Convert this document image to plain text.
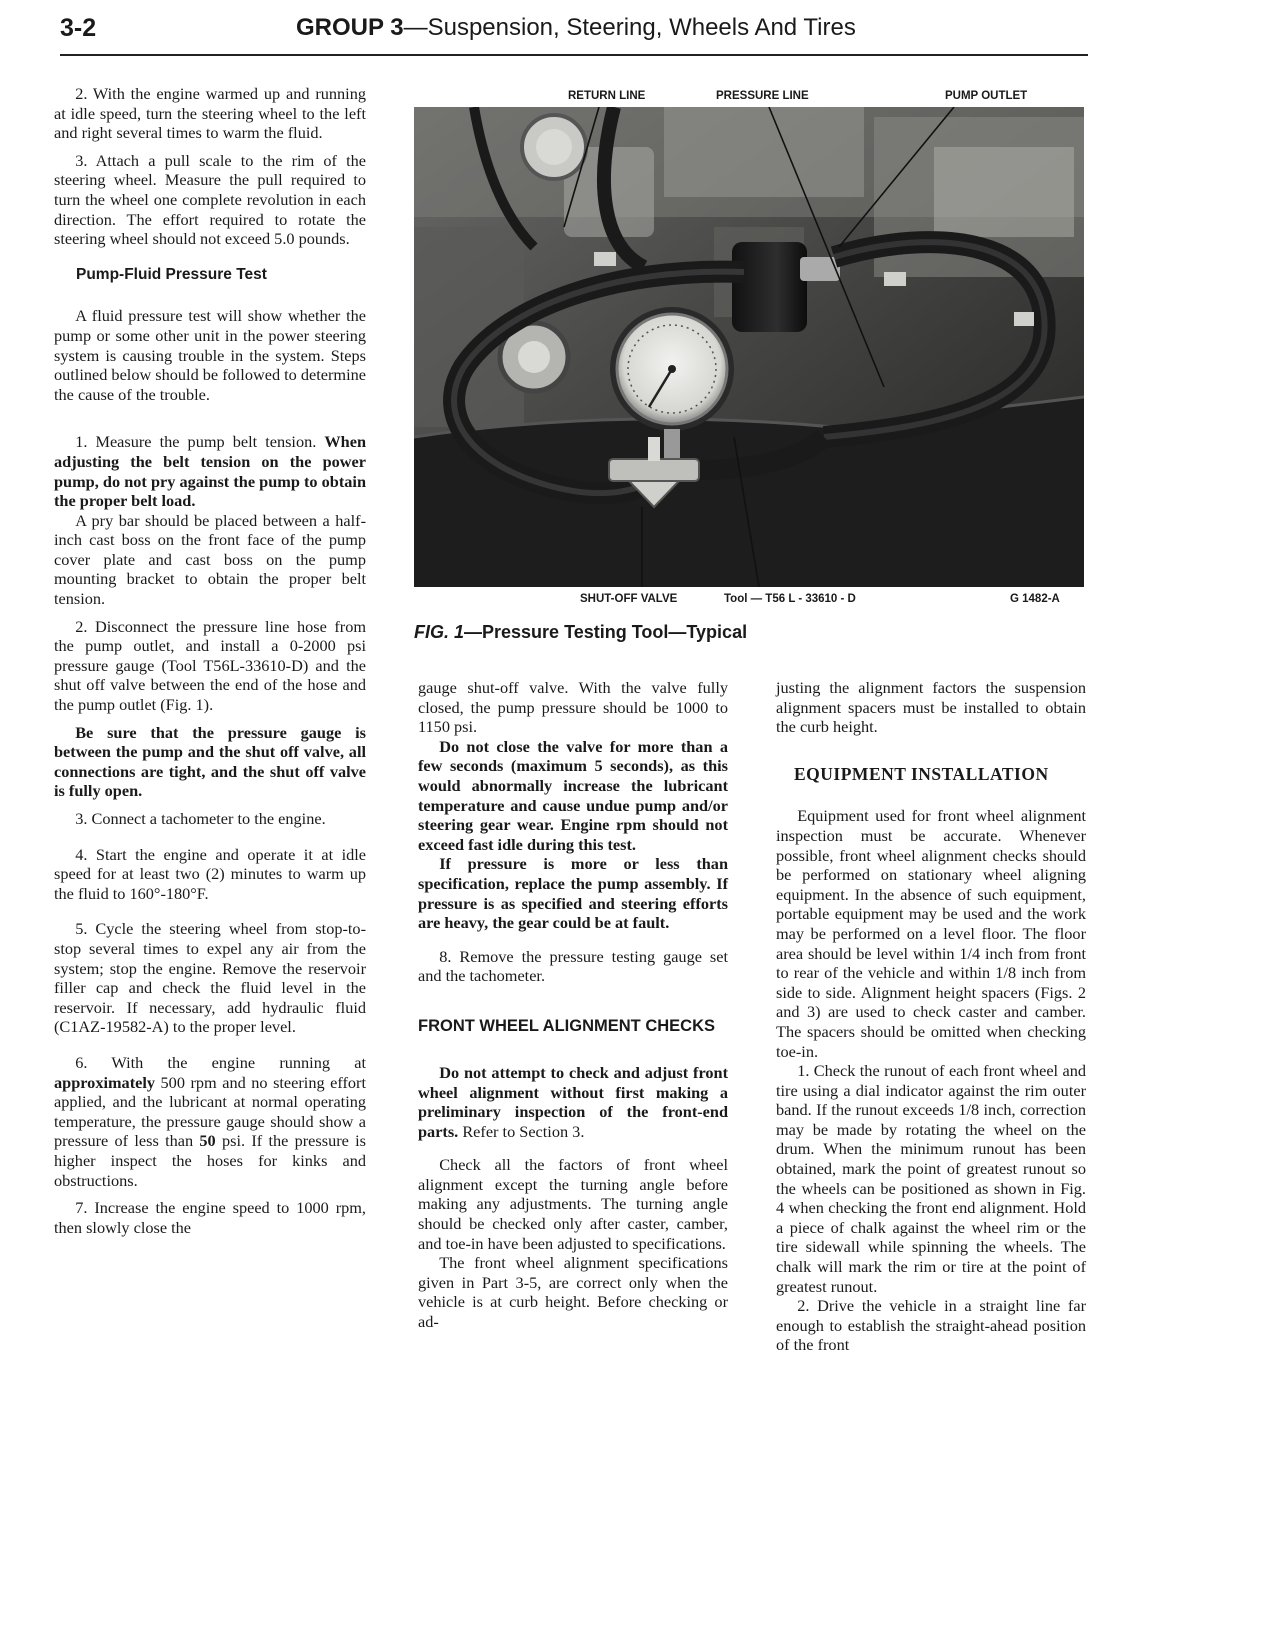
3-2	GROUP 3—Suspension, Steering, Wheels And Tires

2. With the engine warmed up and running at idle speed, turn the steering wheel to the left and right several times to warm the fluid.

3. Attach a pull scale to the rim of the steering wheel. Measure the pull required to turn the wheel one complete revolution in each direction. The effort required to rotate the steering wheel should not exceed 5.0 pounds.

Pump-Fluid Pressure Test

A fluid pressure test will show whether the pump or some other unit in the power steering system is causing trouble in the system. Steps outlined below should be followed to determine the cause of the trouble.

1. Measure the pump belt tension. When adjusting the belt tension on the power pump, do not pry against the pump to obtain the proper belt load.

A pry bar should be placed between a half-inch cast boss on the front face of the pump cover plate and cast boss on the pump mounting bracket to obtain the proper belt tension.

2. Disconnect the pressure line hose from the pump outlet, and install a 0-2000 psi pressure gauge (Tool T56L-33610-D) and the shut off valve between the end of the hose and the pump outlet (Fig. 1).

Be sure that the pressure gauge is between the pump and the shut off valve, all connections are tight, and the shut off valve is fully open.

3. Connect a tachometer to the engine.

4. Start the engine and operate it at idle speed for at least two (2) minutes to warm up the fluid to 160°-180°F.

5. Cycle the steering wheel from stop-to-stop several times to expel any air from the system; stop the engine. Remove the reservoir filler cap and check the fluid level in the reservoir. If necessary, add hydraulic fluid (C1AZ-19582-A) to the proper level.

6. With the engine running at approximately 500 rpm and no steering effort applied, and the lubricant at normal operating temperature, the pressure gauge should show a pressure of less than 50 psi. If the pressure is higher inspect the hoses for kinks and obstructions.

7. Increase the engine speed to 1000 rpm, then slowly close the

RETURN LINE	PRESSURE LINE	PUMP OUTLET
SHUT-OFF VALVE	Tool — T56 L - 33610 - D	G 1482-A
FIG. 1—Pressure Testing Tool—Typical

gauge shut-off valve. With the valve fully closed, the pump pressure should be 1000 to 1150 psi.

Do not close the valve for more than a few seconds (maximum 5 seconds), as this would abnormally increase the lubricant temperature and cause undue pump and/or steering gear wear. Engine rpm should not exceed fast idle during this test.

If pressure is more or less than specification, replace the pump assembly. If pressure is as specified and steering efforts are heavy, the gear could be at fault.

8. Remove the pressure testing gauge set and the tachometer.

FRONT WHEEL ALIGNMENT CHECKS

Do not attempt to check and adjust front wheel alignment without first making a preliminary inspection of the front-end parts. Refer to Section 3.

Check all the factors of front wheel alignment except the turning angle before making any adjustments. The turning angle should be checked only after caster, camber, and toe-in have been adjusted to specifications.

The front wheel alignment specifications given in Part 3-5, are correct only when the vehicle is at curb height. Before checking or ad-

justing the alignment factors the suspension alignment spacers must be installed to obtain the curb height.

EQUIPMENT INSTALLATION

Equipment used for front wheel alignment inspection must be accurate. Whenever possible, front wheel alignment checks should be performed on stationary wheel aligning equipment. In the absence of such equipment, portable equipment may be used and the work may be performed on a level floor. The floor area should be level within 1/4 inch from front to rear of the vehicle and within 1/8 inch from side to side. Alignment height spacers (Figs. 2 and 3) are used to check caster and camber. The spacers should be omitted when checking toe-in.

1. Check the runout of each front wheel and tire using a dial indicator against the rim outer band. If the runout exceeds 1/8 inch, correction may be made by rotating the wheel on the drum. When the minimum runout has been obtained, mark the point of greatest runout so the wheels can be positioned as shown in Fig. 4 when checking the front end alignment. Hold a piece of chalk against the wheel rim or the tire sidewall while spinning the wheels. The chalk will mark the rim or tire at the point of greatest runout.

2. Drive the vehicle in a straight line far enough to establish the straight-ahead position of the front
